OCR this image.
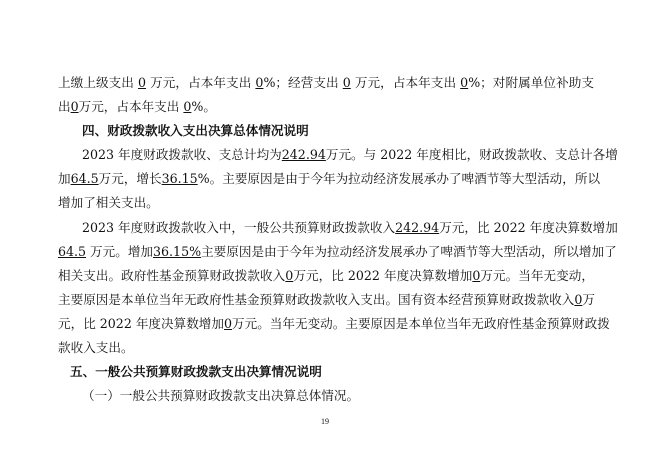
上缴上级支出 0 万元，占本年支出 0%；经营支出 0 万元，占本年支出 0%；对附属单位补助支
出0万元，占本年支出 0%。
四、财政拨款收入支出决算总体情况说明
2023 年度财政拨款收、支总计均为242.94万元。与 2022 年度相比，财政拨款收、支总计各增
加64.5万元，增长36.15%。主要原因是由于今年为拉动经济发展承办了啤酒节等大型活动，所以
增加了相关支出。
2023 年度财政拨款收入中，一般公共预算财政拨款收入242.94万元，比 2022 年度决算数增加
64.5 万元。增加36.15%主要原因是由于今年为拉动经济发展承办了啤酒节等大型活动，所以增加了
相关支出。政府性基金预算财政拨款收入0万元，比 2022 年度决算数增加0万元。当年无变动，
主要原因是本单位当年无政府性基金预算财政拨款收入支出。国有资本经营预算财政拨款收入0万
元，比 2022 年度决算数增加0万元。当年无变动。主要原因是本单位当年无政府性基金预算财政拨
款收入支出。
五、一般公共预算财政拨款支出决算情况说明
（一）一般公共预算财政拨款支出决算总体情况。
19
